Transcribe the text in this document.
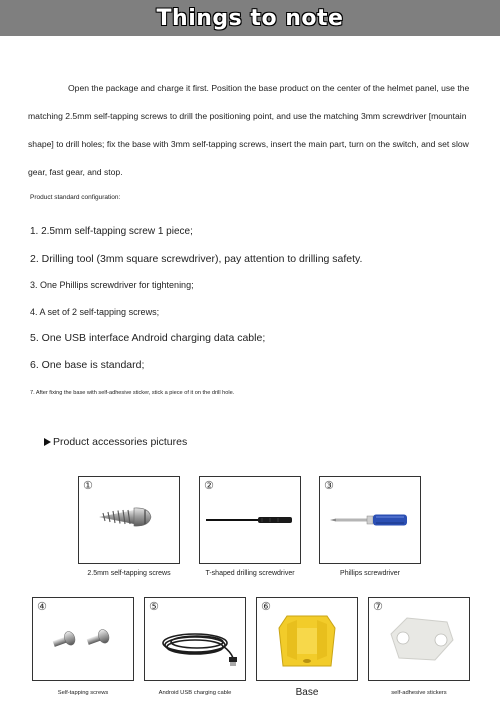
Things to note

Open the package and charge it first. Position the base product on the center of the helmet panel, use the matching 2.5mm self-tapping screws to drill the positioning point, and use the matching 3mm screwdriver [mountain shape] to drill holes; fix the base with 3mm self-tapping screws, insert the main part, turn on the switch, and set slow gear, fast gear, and stop.

Product standard configuration:
1. 2.5mm self-tapping screw 1 piece;
2. Drilling tool (3mm square screwdriver), pay attention to drilling safety.
3. One Phillips screwdriver for tightening;
4. A set of 2 self-tapping screws;
5. One USB interface Android charging data cable;
6. One base is standard;
7. After fixing the base with self-adhesive sticker, stick a piece of it on the drill hole.
Product accessories pictures
①	②	③
2.5mm self-tapping screws	T-shaped drilling screwdriver	Phillips screwdriver
④	⑤	⑥	⑦
Self-tapping screws	Android USB charging cable	Base	self-adhesive stickers
